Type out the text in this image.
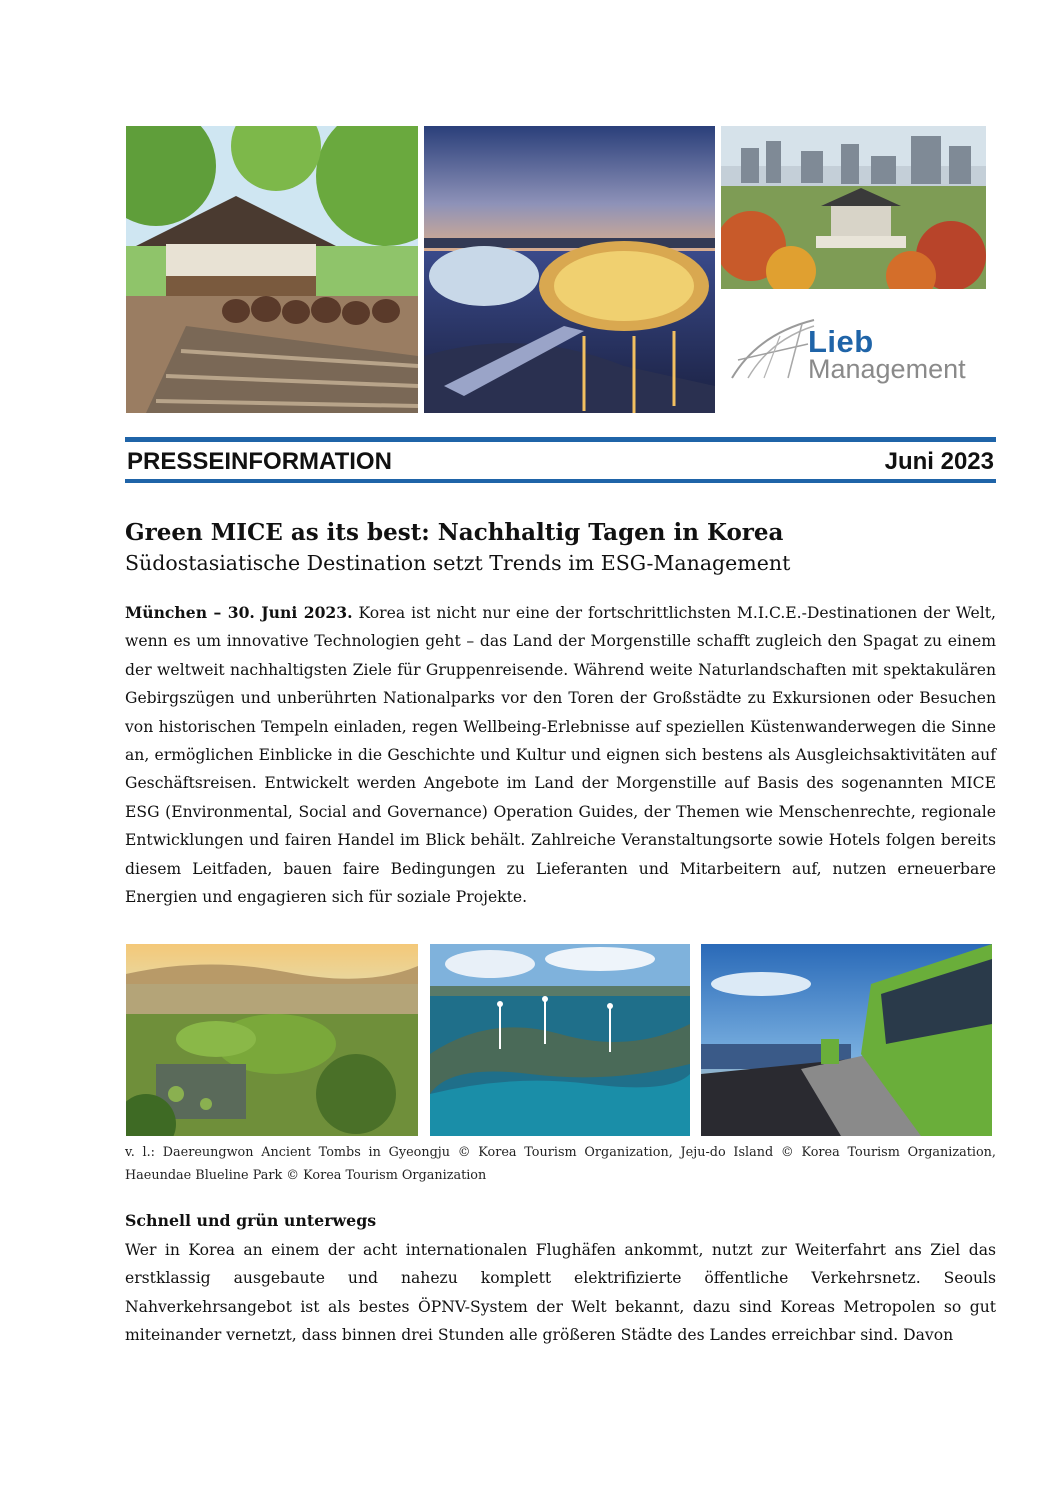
Lieb
Management
PRESSEINFORMATION	Juni 2023
Green MICE as its best: Nachhaltig Tagen in Korea
Südostasiatische Destination setzt Trends im ESG-Management
München – 30. Juni 2023. Korea ist nicht nur eine der fortschrittlichsten M.I.C.E.-Destinationen der Welt, wenn es um innovative Technologien geht – das Land der Morgenstille schafft zugleich den Spagat zu einem der weltweit nachhaltigsten Ziele für Gruppenreisende. Während weite Naturlandschaften mit spektakulären Gebirgszügen und unberührten Nationalparks vor den Toren der Großstädte zu Exkursionen oder Besuchen von historischen Tempeln einladen, regen Wellbeing-Erlebnisse auf speziellen Küstenwanderwegen die Sinne an, ermöglichen Einblicke in die Geschichte und Kultur und eignen sich bestens als Ausgleichsaktivitäten auf Geschäftsreisen. Entwickelt werden Angebote im Land der Morgenstille auf Basis des sogenannten MICE ESG (Environmental, Social and Governance) Operation Guides, der Themen wie Menschenrechte, regionale Entwicklungen und fairen Handel im Blick behält. Zahlreiche Veranstaltungsorte sowie Hotels folgen bereits diesem Leitfaden, bauen faire Bedingungen zu Lieferanten und Mitarbeitern auf, nutzen erneuerbare Energien und engagieren sich für soziale Projekte.
v. l.: Daereungwon Ancient Tombs in Gyeongju © Korea Tourism Organization, Jeju-do Island © Korea Tourism Organization, Haeundae Blueline Park © Korea Tourism Organization
Schnell und grün unterwegs
Wer in Korea an einem der acht internationalen Flughäfen ankommt, nutzt zur Weiterfahrt ans Ziel das erstklassig ausgebaute und nahezu komplett elektrifizierte öffentliche Verkehrsnetz. Seouls Nahverkehrsangebot ist als bestes ÖPNV-System der Welt bekannt, dazu sind Koreas Metropolen so gut miteinander vernetzt, dass binnen drei Stunden alle größeren Städte des Landes erreichbar sind. Davon
